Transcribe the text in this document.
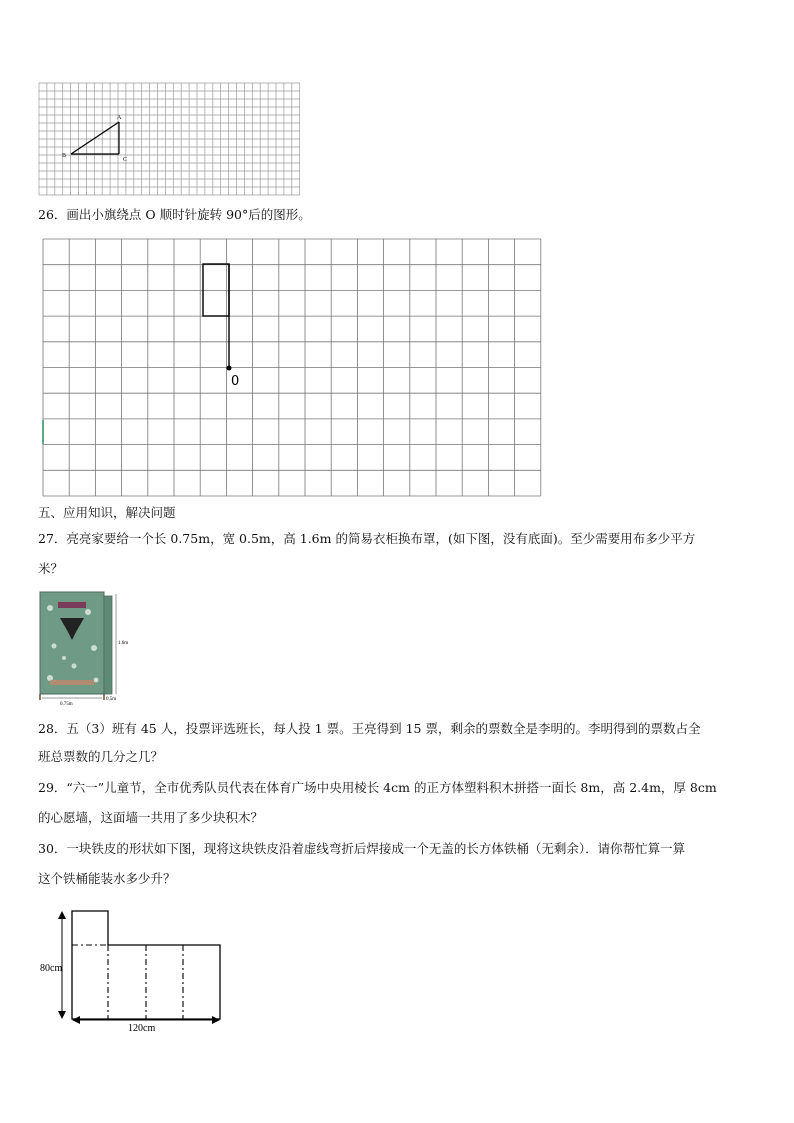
A
B
C
26．画出小旗绕点 O 顺时针旋转 90°后的图形。
0
五、应用知识，解决问题
27．亮亮家要给一个长 0.75m，宽 0.5m，高 1.6m 的简易衣柜换布罩，(如下图，没有底面)。至少需要用布多少平方
米？
1.6m
0.75m
0.5m
28．五（3）班有 45 人，投票评选班长，每人投 1 票。王亮得到 15 票，剩余的票数全是李明的。李明得到的票数占全
班总票数的几分之几？
29．“六一”儿童节，全市优秀队员代表在体育广场中央用棱长 4cm 的正方体塑料积木拼搭一面长 8m，高 2.4m，厚 8cm
的心愿墙，这面墙一共用了多少块积木？
30．一块铁皮的形状如下图，现将这块铁皮沿着虚线弯折后焊接成一个无盖的长方体铁桶（无剩余）．请你帮忙算一算
这个铁桶能装水多少升？
80cm
120cm
